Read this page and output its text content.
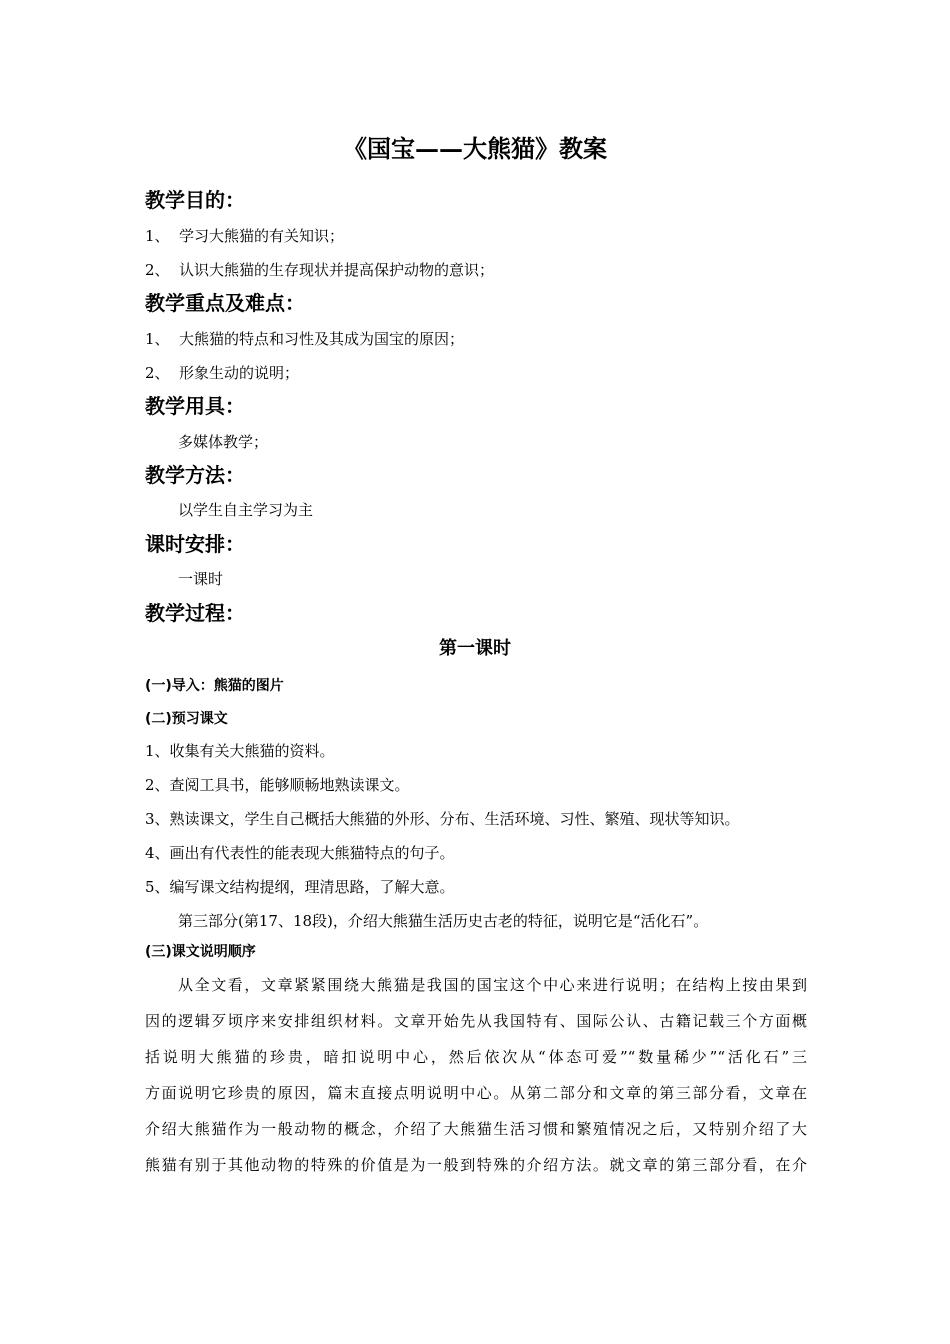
《国宝——大熊猫》教案
教学目的：
1、 学习大熊猫的有关知识；
2、 认识大熊猫的生存现状并提高保护动物的意识；
教学重点及难点：
1、 大熊猫的特点和习性及其成为国宝的原因；
2、 形象生动的说明；
教学用具：
多媒体教学；
教学方法：
以学生自主学习为主
课时安排：
一课时
教学过程：
第一课时
(一)导入：熊猫的图片
(二)预习课文
1、收集有关大熊猫的资料。
2、查阅工具书，能够顺畅地熟读课文。
3、熟读课文，学生自己概括大熊猫的外形、分布、生活环境、习性、繁殖、现状等知识。
4、画出有代表性的能表现大熊猫特点的句子。
5、编写课文结构提纲，理清思路，了解大意。
第三部分(第17、18段)，介绍大熊猫生活历史古老的特征，说明它是“活化石”。
(三)课文说明顺序
从全文看，文章紧紧围绕大熊猫是我国的国宝这个中心来进行说明；在结构上按由果到
因的逻辑歹顷序来安排组织材料。文章开始先从我国特有、国际公认、古籍记载三个方面概
括说明大熊猫的珍贵，暗扣说明中心，然后依次从“体态可爱”“数量稀少”“活化石”三
方面说明它珍贵的原因，篇末直接点明说明中心。从第二部分和文章的第三部分看，文章在
介绍大熊猫作为一般动物的概念，介绍了大熊猫生活习惯和繁殖情况之后，又特别介绍了大
熊猫有别于其他动物的特殊的价值是为一般到特殊的介绍方法。就文章的第三部分看，在介
